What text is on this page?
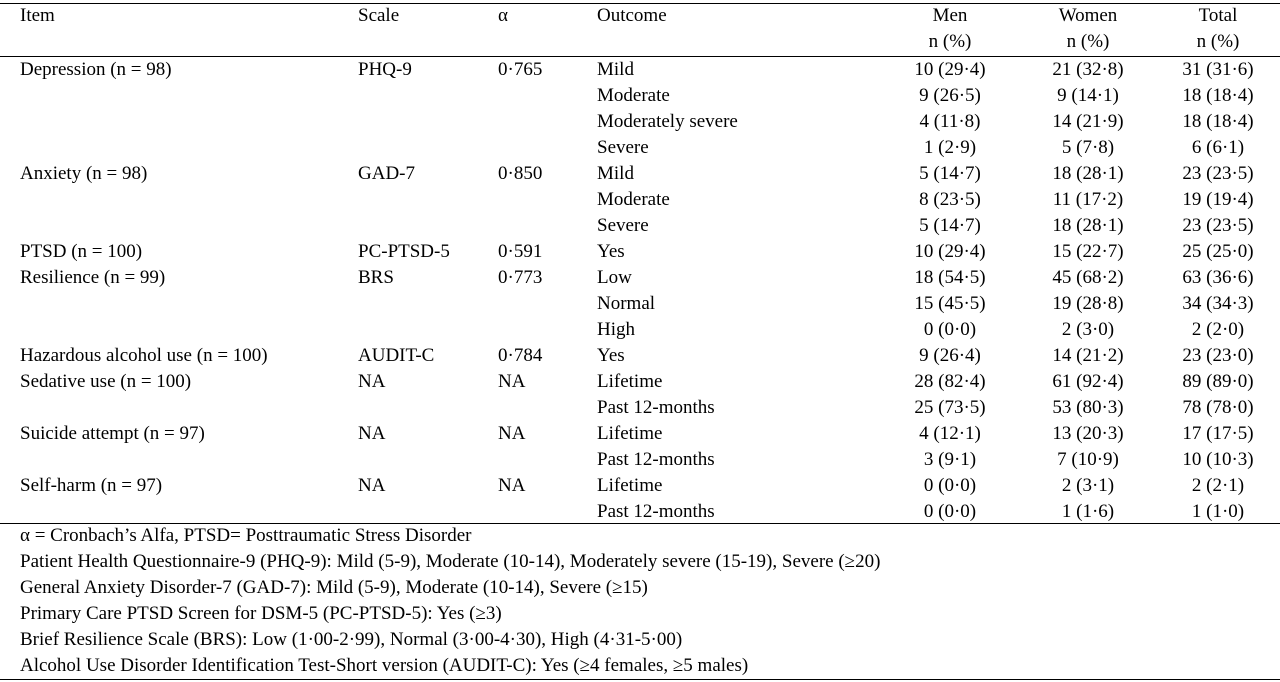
Item	Scale	α	Outcome	Men	Women	Total
n (%)	n (%)	n (%)
Depression (n = 98)	PHQ-9	0·765	Mild	10 (29·4)	21 (32·8)	31 (31·6)
Moderate	9 (26·5)	9 (14·1)	18 (18·4)
Moderately severe	4 (11·8)	14 (21·9)	18 (18·4)
Severe	1 (2·9)	5 (7·8)	6 (6·1)
Anxiety (n = 98)	GAD-7	0·850	Mild	5 (14·7)	18 (28·1)	23 (23·5)
Moderate	8 (23·5)	11 (17·2)	19 (19·4)
Severe	5 (14·7)	18 (28·1)	23 (23·5)
PTSD (n = 100)	PC-PTSD-5	0·591	Yes	10 (29·4)	15 (22·7)	25 (25·0)
Resilience (n = 99)	BRS	0·773	Low	18 (54·5)	45 (68·2)	63 (36·6)
Normal	15 (45·5)	19 (28·8)	34 (34·3)
High	0 (0·0)	2 (3·0)	2 (2·0)
Hazardous alcohol use (n = 100)	AUDIT-C	0·784	Yes	9 (26·4)	14 (21·2)	23 (23·0)
Sedative use (n = 100)	NA	NA	Lifetime	28 (82·4)	61 (92·4)	89 (89·0)
Past 12-months	25 (73·5)	53 (80·3)	78 (78·0)
Suicide attempt (n = 97)	NA	NA	Lifetime	4 (12·1)	13 (20·3)	17 (17·5)
Past 12-months	3 (9·1)	7 (10·9)	10 (10·3)
Self-harm (n = 97)	NA	NA	Lifetime	0 (0·0)	2 (3·1)	2 (2·1)
Past 12-months	0 (0·0)	1 (1·6)	1 (1·0)
α = Cronbach’s Alfa, PTSD= Posttraumatic Stress Disorder
Patient Health Questionnaire-9 (PHQ-9): Mild (5-9), Moderate (10-14), Moderately severe (15-19), Severe (≥20)
General Anxiety Disorder-7 (GAD-7): Mild (5-9), Moderate (10-14), Severe (≥15)
Primary Care PTSD Screen for DSM-5 (PC-PTSD-5): Yes (≥3)
Brief Resilience Scale (BRS): Low (1·00-2·99), Normal (3·00-4·30), High (4·31-5·00)
Alcohol Use Disorder Identification Test-Short version (AUDIT-C): Yes (≥4 females, ≥5 males)
